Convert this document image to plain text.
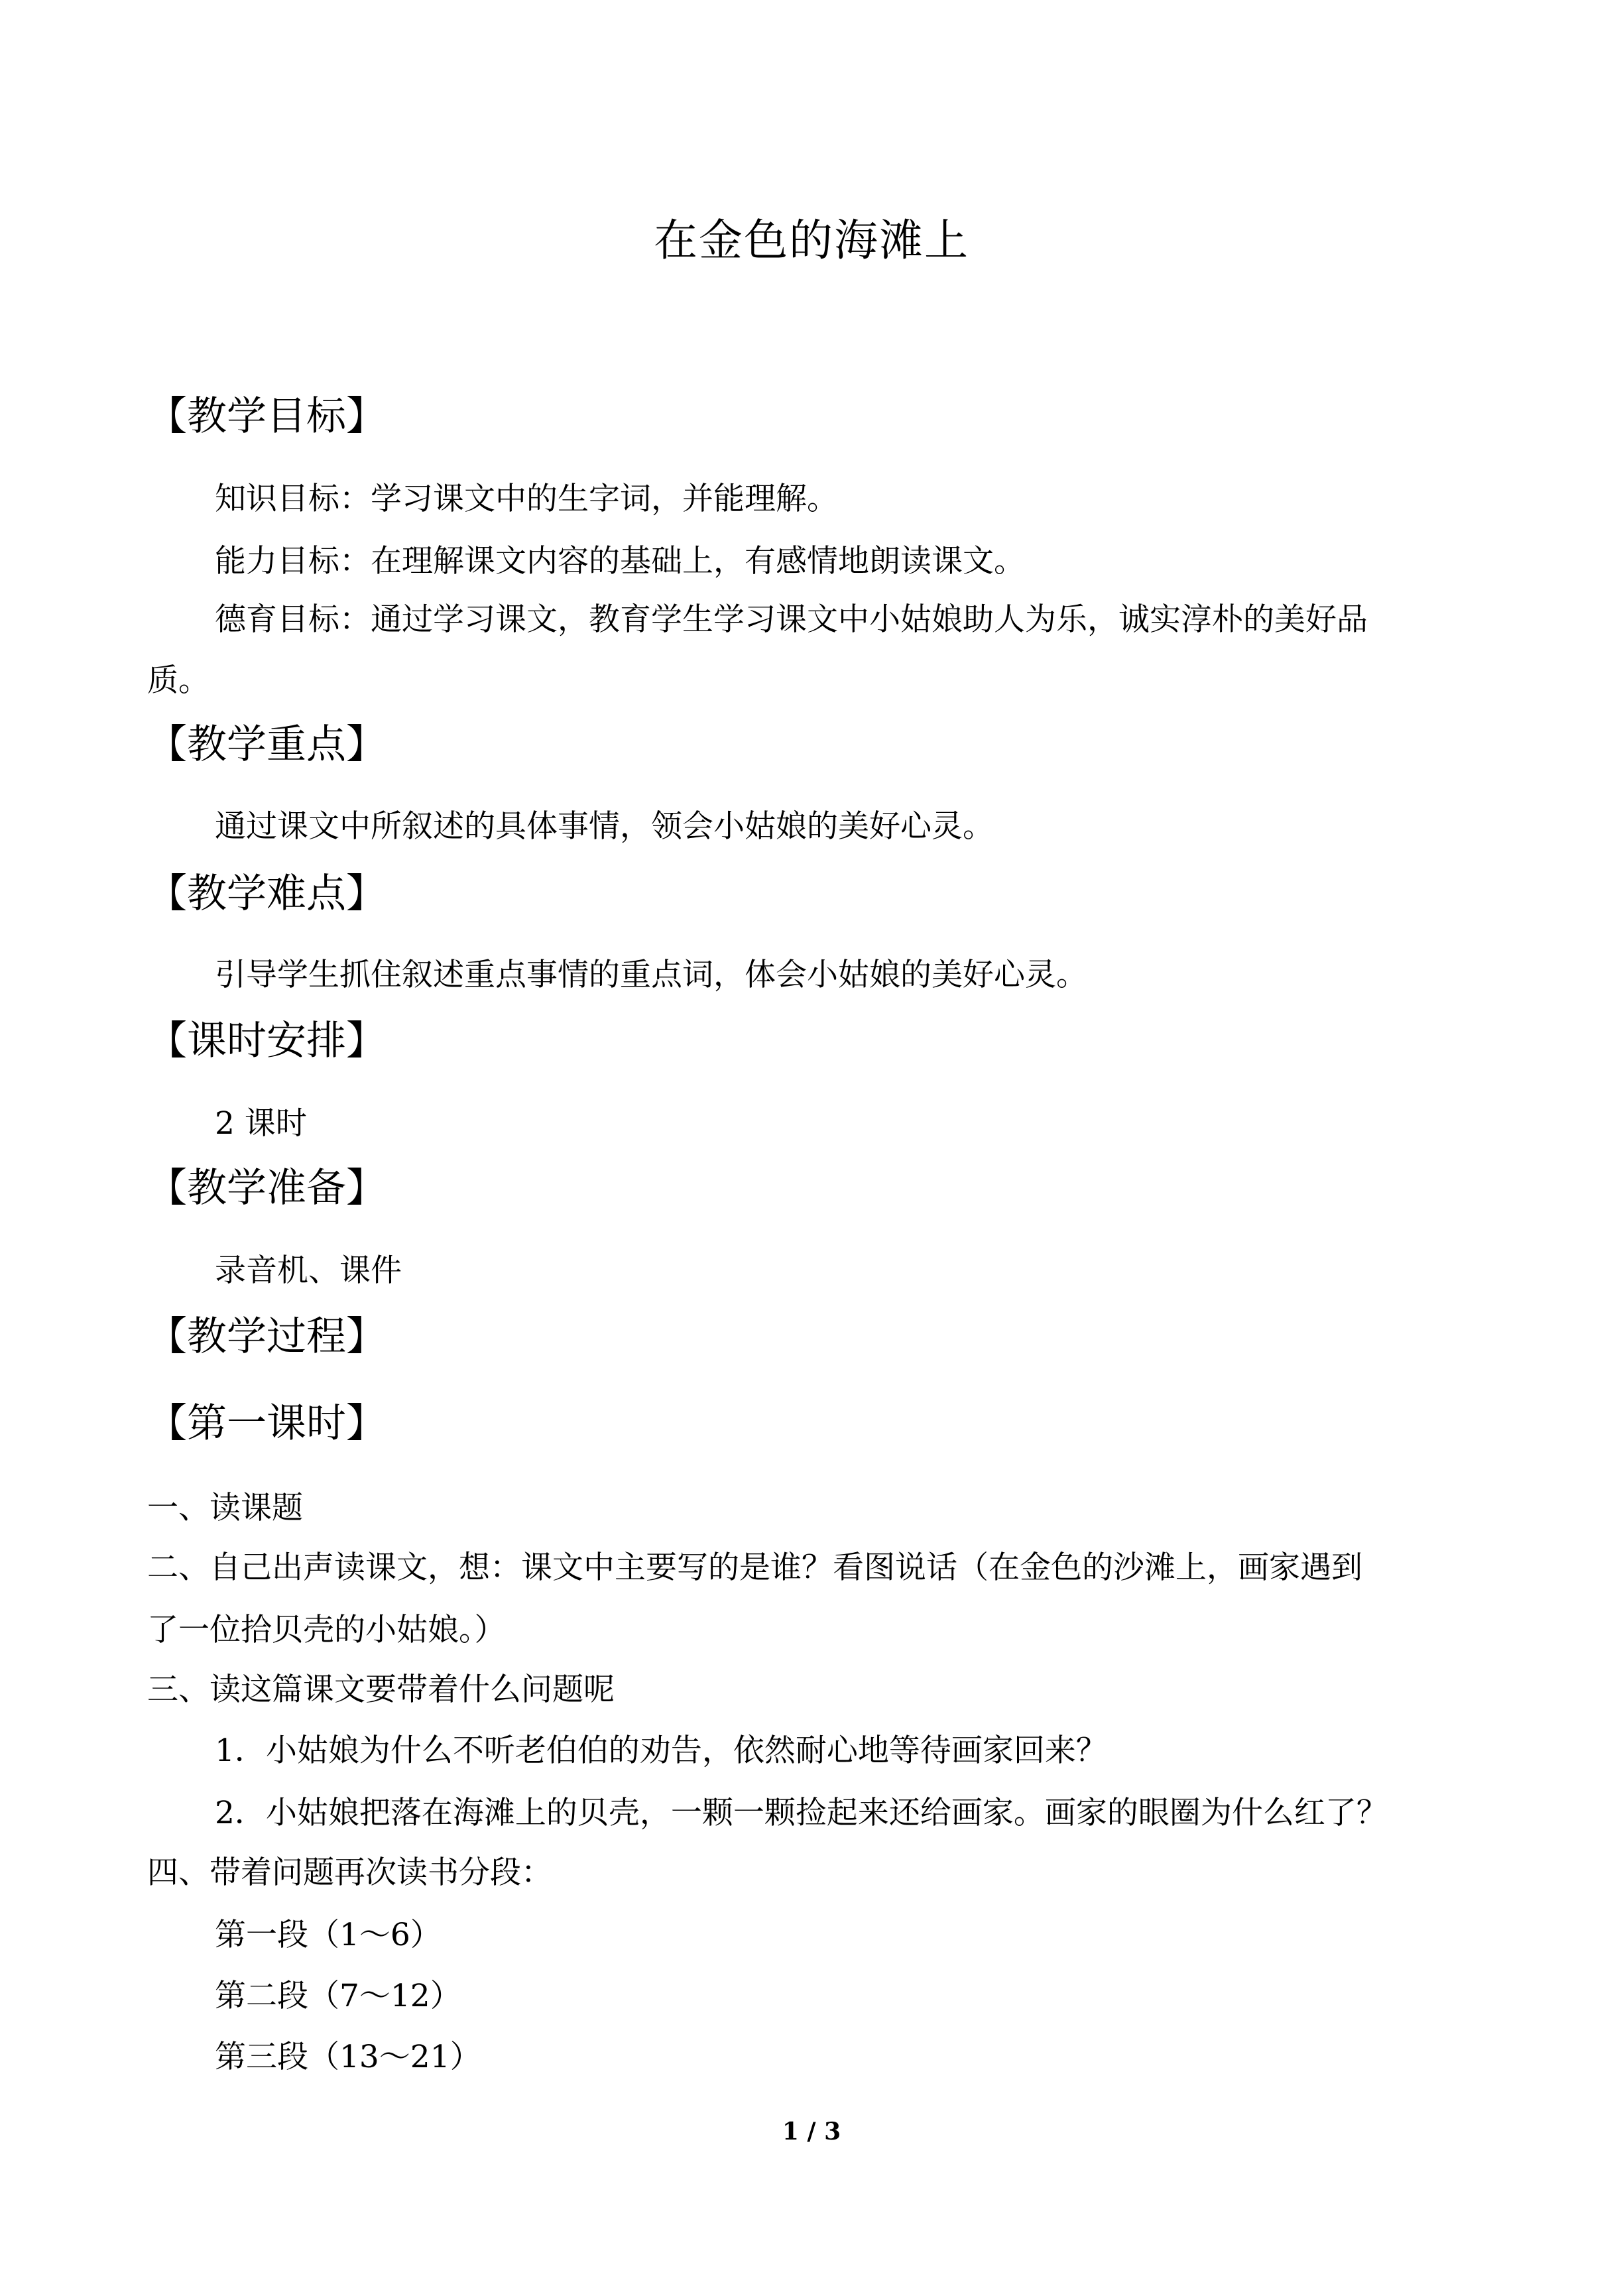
在金色的海滩上
【教学目标】
知识目标：学习课文中的生字词，并能理解。
能力目标：在理解课文内容的基础上，有感情地朗读课文。
德育目标：通过学习课文，教育学生学习课文中小姑娘助人为乐，诚实淳朴的美好品
质。
【教学重点】
通过课文中所叙述的具体事情，领会小姑娘的美好心灵。
【教学难点】
引导学生抓住叙述重点事情的重点词，体会小姑娘的美好心灵。
【课时安排】
2 课时
【教学准备】
录音机、课件
【教学过程】
【第一课时】
一、读课题
二、自己出声读课文，想：课文中主要写的是谁？看图说话（在金色的沙滩上，画家遇到
了一位拾贝壳的小姑娘。）
三、读这篇课文要带着什么问题呢
1．小姑娘为什么不听老伯伯的劝告，依然耐心地等待画家回来？
2．小姑娘把落在海滩上的贝壳，一颗一颗捡起来还给画家。画家的眼圈为什么红了？
四、带着问题再次读书分段：
第一段（1～6）
第二段（7～12）
第三段（13～21）
1 / 3
